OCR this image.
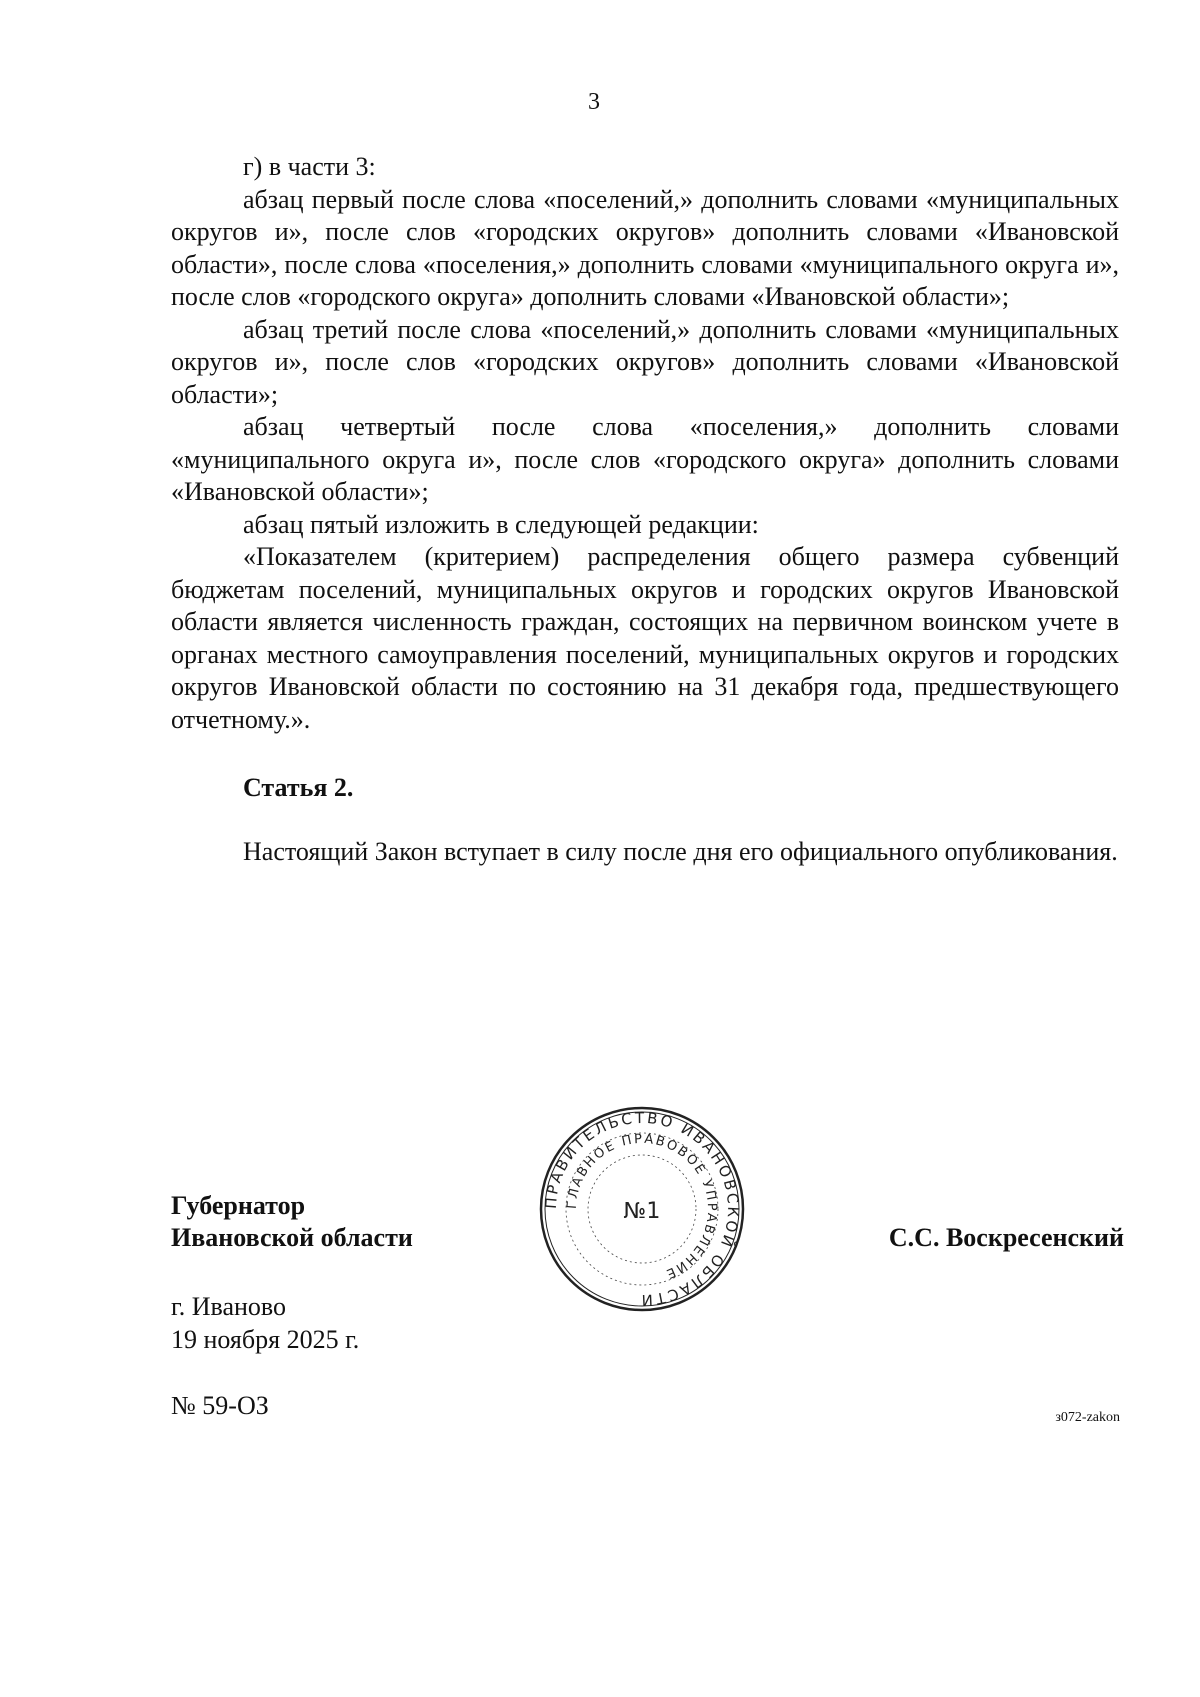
3

г) в части 3:

абзац первый после слова «поселений,» дополнить словами «муниципальных округов и», после слов «городских округов» дополнить словами «Ивановской области», после слова «поселения,» дополнить словами «муниципального округа и», после слов «городского округа» дополнить словами «Ивановской области»;

абзац третий после слова «поселений,» дополнить словами «муниципальных округов и», после слов «городских округов» дополнить словами «Ивановской области»;

абзац четвертый после слова «поселения,» дополнить словами «муниципального округа и», после слов «городского округа» дополнить словами «Ивановской области»;

абзац пятый изложить в следующей редакции:

«Показателем (критерием) распределения общего размера субвенций бюджетам поселений, муниципальных округов и городских округов Ивановской области является численность граждан, состоящих на первичном воинском учете в органах местного самоуправления поселений, муниципальных округов и городских округов Ивановской области по состоянию на 31 декабря года, предшествующего отчетному.».

Статья 2.

Настоящий Закон вступает в силу после дня его официального опубликования.

Губернатор
Ивановской области	С.С. Воскресенский
ПРАВИТЕЛЬСТВО ИВАНОВСКОЙ ОБЛАСТИ
ГЛАВНОЕ ПРАВОВОЕ УПРАВЛЕНИЕ
№1
г. Иваново
19 ноября 2025 г.
№ 59-ОЗ	з072-zakon
